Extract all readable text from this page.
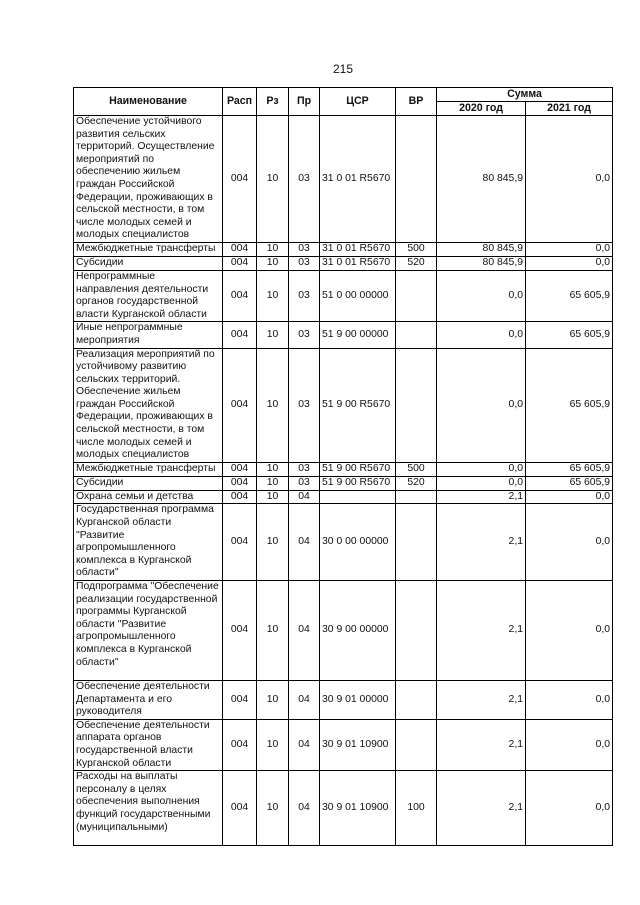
215
Наименование	Расп	Рз	Пр	ЦСР	ВР	Сумма	
						2020 год	2021 год
Обеспечение устойчивого развития сельских территорий. Осуществление мероприятий по обеспечению жильем граждан Российской Федерации, проживающих в сельской местности, в том числе молодых семей и молодых специалистов	004	10	03	31 0 01 R5670		80 845,9	0,0
Межбюджетные трансферты	004	10	03	31 0 01 R5670	500	80 845,9	0,0
Субсидии	004	10	03	31 0 01 R5670	520	80 845,9	0,0
Непрограммные направления деятельности органов государственной власти Курганской области	004	10	03	51 0 00 00000		0,0	65 605,9
Иные непрограммные мероприятия	004	10	03	51 9 00 00000		0,0	65 605,9
Реализация мероприятий по устойчивому развитию сельских территорий. Обеспечение жильем граждан Российской Федерации, проживающих в сельской местности, в том числе молодых семей и молодых специалистов	004	10	03	51 9 00 R5670		0,0	65 605,9
Межбюджетные трансферты	004	10	03	51 9 00 R5670	500	0,0	65 605,9
Субсидии	004	10	03	51 9 00 R5670	520	0,0	65 605,9
Охрана семьи и детства	004	10	04			2,1	0,0
Государственная программа Курганской области "Развитие агропромышленного комплекса в Курганской области"	004	10	04	30 0 00 00000		2,1	0,0
Подпрограмма "Обеспечение реализации государственной программы Курганской области "Развитие агропромышленного комплекса в Курганской области"	004	10	04	30 9 00 00000		2,1	0,0
Обеспечение деятельности Департамента и его руководителя	004	10	04	30 9 01 00000		2,1	0,0
Обеспечение деятельности аппарата органов государственной власти Курганской области	004	10	04	30 9 01 10900		2,1	0,0
Расходы на выплаты персоналу в целях обеспечения выполнения функций государственными (муниципальными)	004	10	04	30 9 01 10900	100	2,1	0,0
